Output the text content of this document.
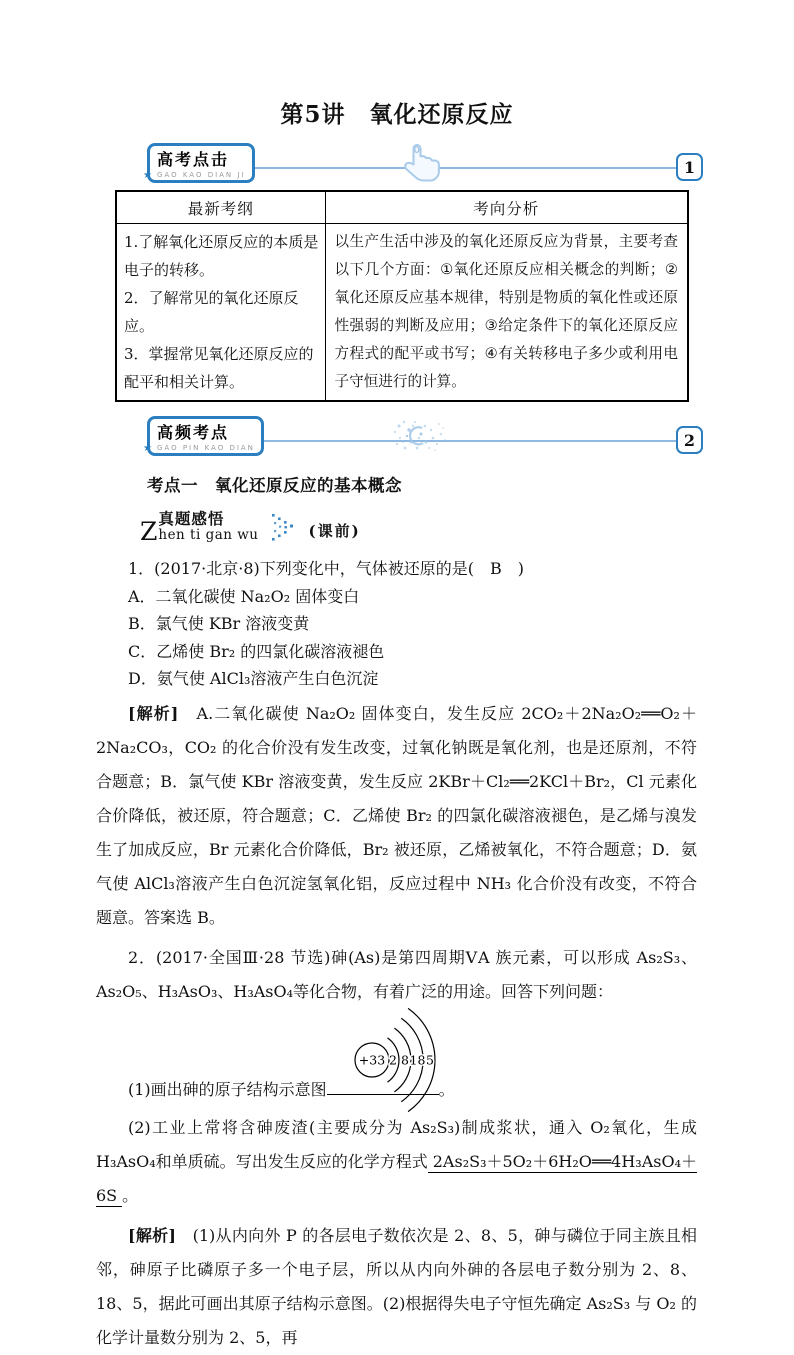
第5讲　氧化还原反应
★
高考点击
GAO KAO DIAN JI	1
最新考纲	考向分析

1.了解氧化还原反应的本质是电子的转移。
2．了解常见的氧化还原反应。
3．掌握常见氧化还原反应的配平和相关计算。	以生产生活中涉及的氧化还原反应为背景，主要考查以下几个方面：①氧化还原反应相关概念的判断；②氧化还原反应基本规律，特别是物质的氧化性或还原性强弱的判断及应用；③给定条件下的氧化还原反应方程式的配平或书写；④有关转移电子多少或利用电子守恒进行的计算。
★
高频考点
GAO PIN KAO DIAN	2
考点一　氧化还原反应的基本概念
Z 真题感悟
hen ti gan wu	(课前)

1．(2017·北京·8)下列变化中，气体被还原的是(　B　)

A．二氧化碳使 Na₂O₂ 固体变白

B．氯气使 KBr 溶液变黄

C．乙烯使 Br₂ 的四氯化碳溶液褪色

D．氨气使 AlCl₃溶液产生白色沉淀

[解析]　A.二氧化碳使 Na₂O₂ 固体变白，发生反应 2CO₂＋2Na₂O₂══O₂＋2Na₂CO₃，CO₂ 的化合价没有发生改变，过氧化钠既是氧化剂，也是还原剂，不符合题意；B．氯气使 KBr 溶液变黄，发生反应 2KBr＋Cl₂══2KCl＋Br₂，Cl 元素化合价降低，被还原，符合题意；C．乙烯使 Br₂ 的四氯化碳溶液褪色，是乙烯与溴发生了加成反应，Br 元素化合价降低，Br₂ 被还原，乙烯被氧化，不符合题意；D．氨气使 AlCl₃溶液产生白色沉淀氢氧化铝，反应过程中 NH₃ 化合价没有改变，不符合题意。答案选 B。

2．(2017·全国Ⅲ·28 节选)砷(As)是第四周期ⅤA 族元素，可以形成 As₂S₃、As₂O₅、H₃AsO₃、H₃AsO₄等化合物，有着广泛的用途。回答下列问题：

+33 2 8 18 5
(1)画出砷的原子结构示意图	。

(2)工业上常将含砷废渣(主要成分为 As₂S₃)制成浆状，通入 O₂氧化，生成 H₃AsO₄和单质硫。写出发生反应的化学方程式 2As₂S₃＋5O₂＋6H₂O══4H₃AsO₄＋6S 。

[解析]　(1)从内向外 P 的各层电子数依次是 2、8、5，砷与磷位于同主族且相邻，砷原子比磷原子多一个电子层，所以从内向外砷的各层电子数分别为 2、8、18、5，据此可画出其原子结构示意图。(2)根据得失电子守恒先确定 As₂S₃ 与 O₂ 的化学计量数分别为 2、5，再
